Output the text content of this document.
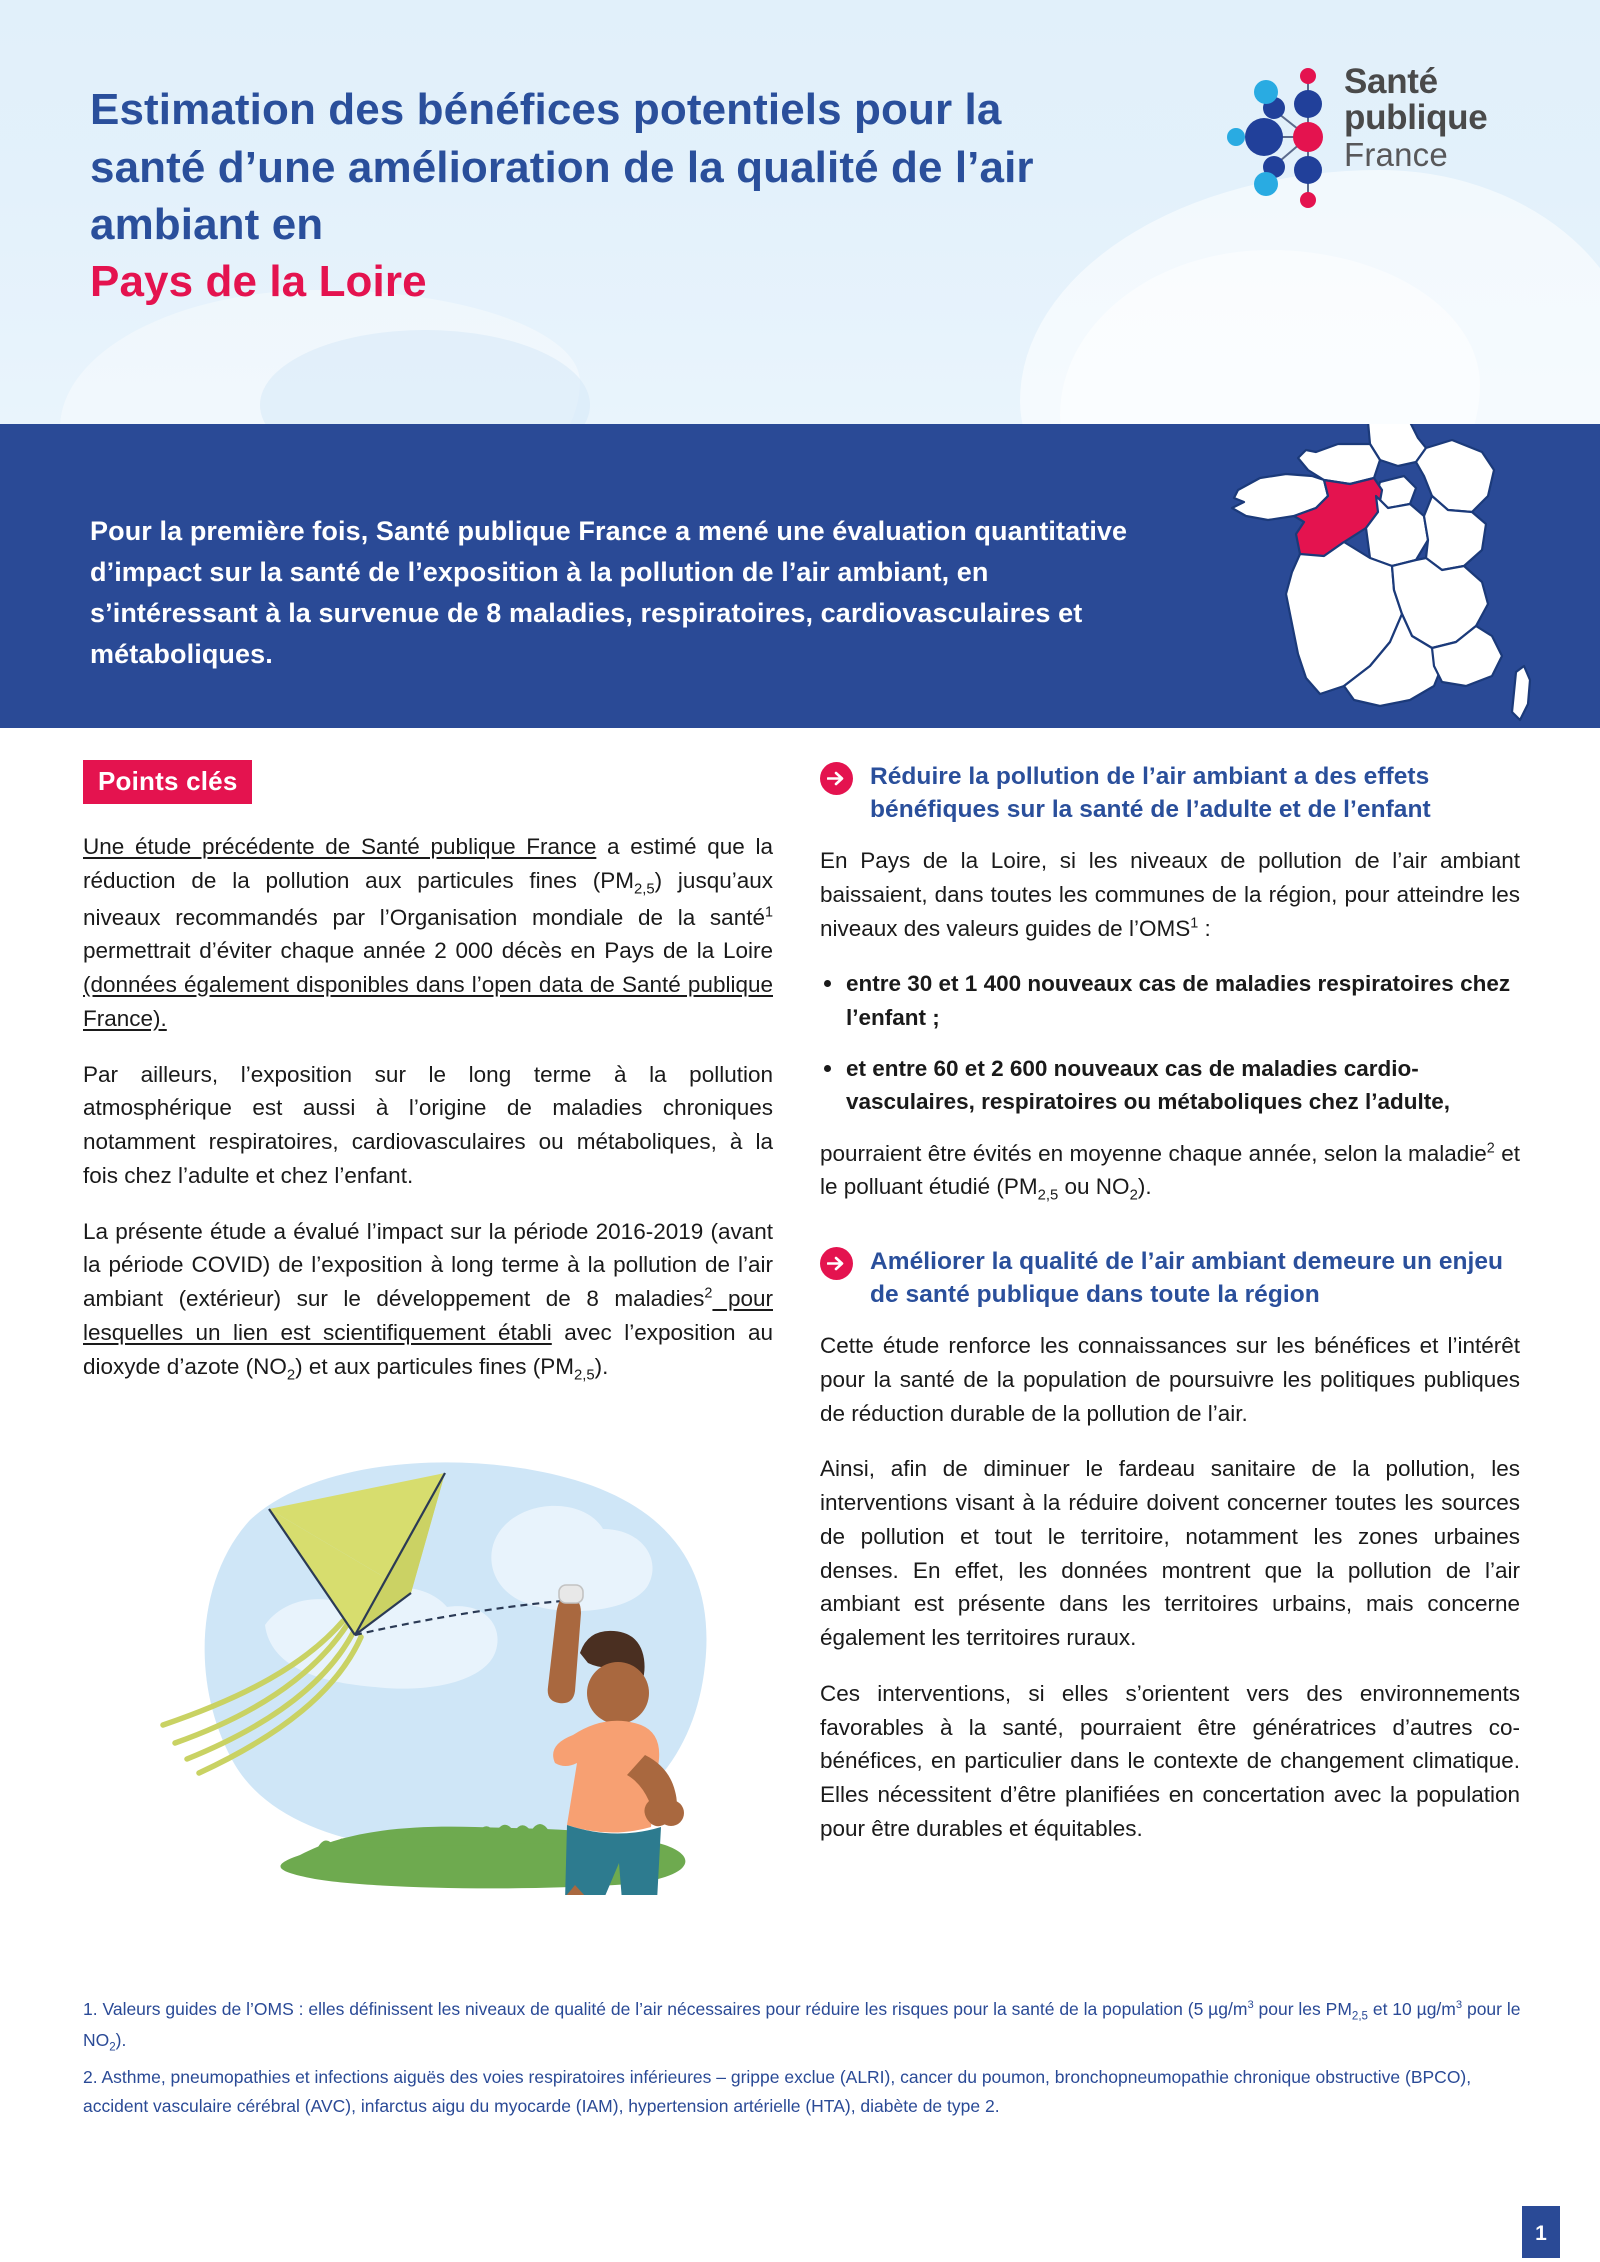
Estimation des bénéfices potentiels pour la santé d’une amélioration de la qualité de l’air ambiant en
Pays de la Loire
Santé
publique
France

Pour la première fois, Santé publique France a mené une évaluation quantitative d’impact sur la santé de l’exposition à la pollution de l’air ambiant, en s’intéressant à la survenue de 8 maladies, respiratoires, cardiovasculaires et métaboliques.

Points clés

Une étude précédente de Santé publique France a estimé que la réduction de la pollution aux particules fines $(PM_{2,5})$ jusqu’aux niveaux recommandés par l’Organisation mondiale de la santé$^1$ permettrait d’éviter chaque année 2 000 décès en Pays de la Loire (données également disponibles dans l’open data de Santé publique France).

Par ailleurs, l’exposition sur le long terme à la pollution atmosphérique est aussi à l’origine de maladies chroniques notamment respiratoires, cardiovasculaires ou métaboliques, à la fois chez l’adulte et chez l’enfant.

La présente étude a évalué l’impact sur la période 2016-2019 (avant la période COVID) de l’exposition à long terme à la pollution de l’air ambiant (extérieur) sur le développement de 8 maladies$^2$ pour lesquelles un lien est scientifiquement établi avec l’exposition au dioxyde d’azote $(NO_2)$ et aux particules fines $(PM_{2,5})$.

Réduire la pollution de l’air ambiant a des effets bénéfiques sur la santé de l’adulte et de l’enfant

En Pays de la Loire, si les niveaux de pollution de l’air ambiant baissaient, dans toutes les communes de la région, pour atteindre les niveaux des valeurs guides de l’OMS$^1$ :

entre 30 et 1 400 nouveaux cas de maladies respiratoires chez l’enfant ;
et entre 60 et 2 600 nouveaux cas de maladies cardio-vasculaires, respiratoires ou métaboliques chez l’adulte,

pourraient être évités en moyenne chaque année, selon la maladie$^2$ et le polluant étudié ($PM_{2,5}$ ou $NO_2$).

Améliorer la qualité de l’air ambiant demeure un enjeu de santé publique dans toute la région

Cette étude renforce les connaissances sur les bénéfices et l’intérêt pour la santé de la population de poursuivre les politiques publiques de réduction durable de la pollution de l’air.

Ainsi, afin de diminuer le fardeau sanitaire de la pollution, les interventions visant à la réduire doivent concerner toutes les sources de pollution et tout le territoire, notamment les zones urbaines denses. En effet, les données montrent que la pollution de l’air ambiant est présente dans les territoires urbains, mais concerne également les territoires ruraux.

Ces interventions, si elles s’orientent vers des environnements favorables à la santé, pourraient être génératrices d’autres co-bénéfices, en particulier dans le contexte de changement climatique. Elles nécessitent d’être planifiées en concertation avec la population pour être durables et équitables.

1. Valeurs guides de l’OMS : elles définissent les niveaux de qualité de l’air nécessaires pour réduire les risques pour la santé de la population (5 $\mu g/m^3$ pour les $PM_{2,5}$ et 10 $\mu g/m^3$ pour le $NO_2$).

2. Asthme, pneumopathies et infections aiguës des voies respiratoires inférieures – grippe exclue (ALRI), cancer du poumon, bronchopneumopathie chronique obstructive (BPCO), accident vasculaire cérébral (AVC), infarctus aigu du myocarde (IAM), hypertension artérielle (HTA), diabète de type 2.

1
